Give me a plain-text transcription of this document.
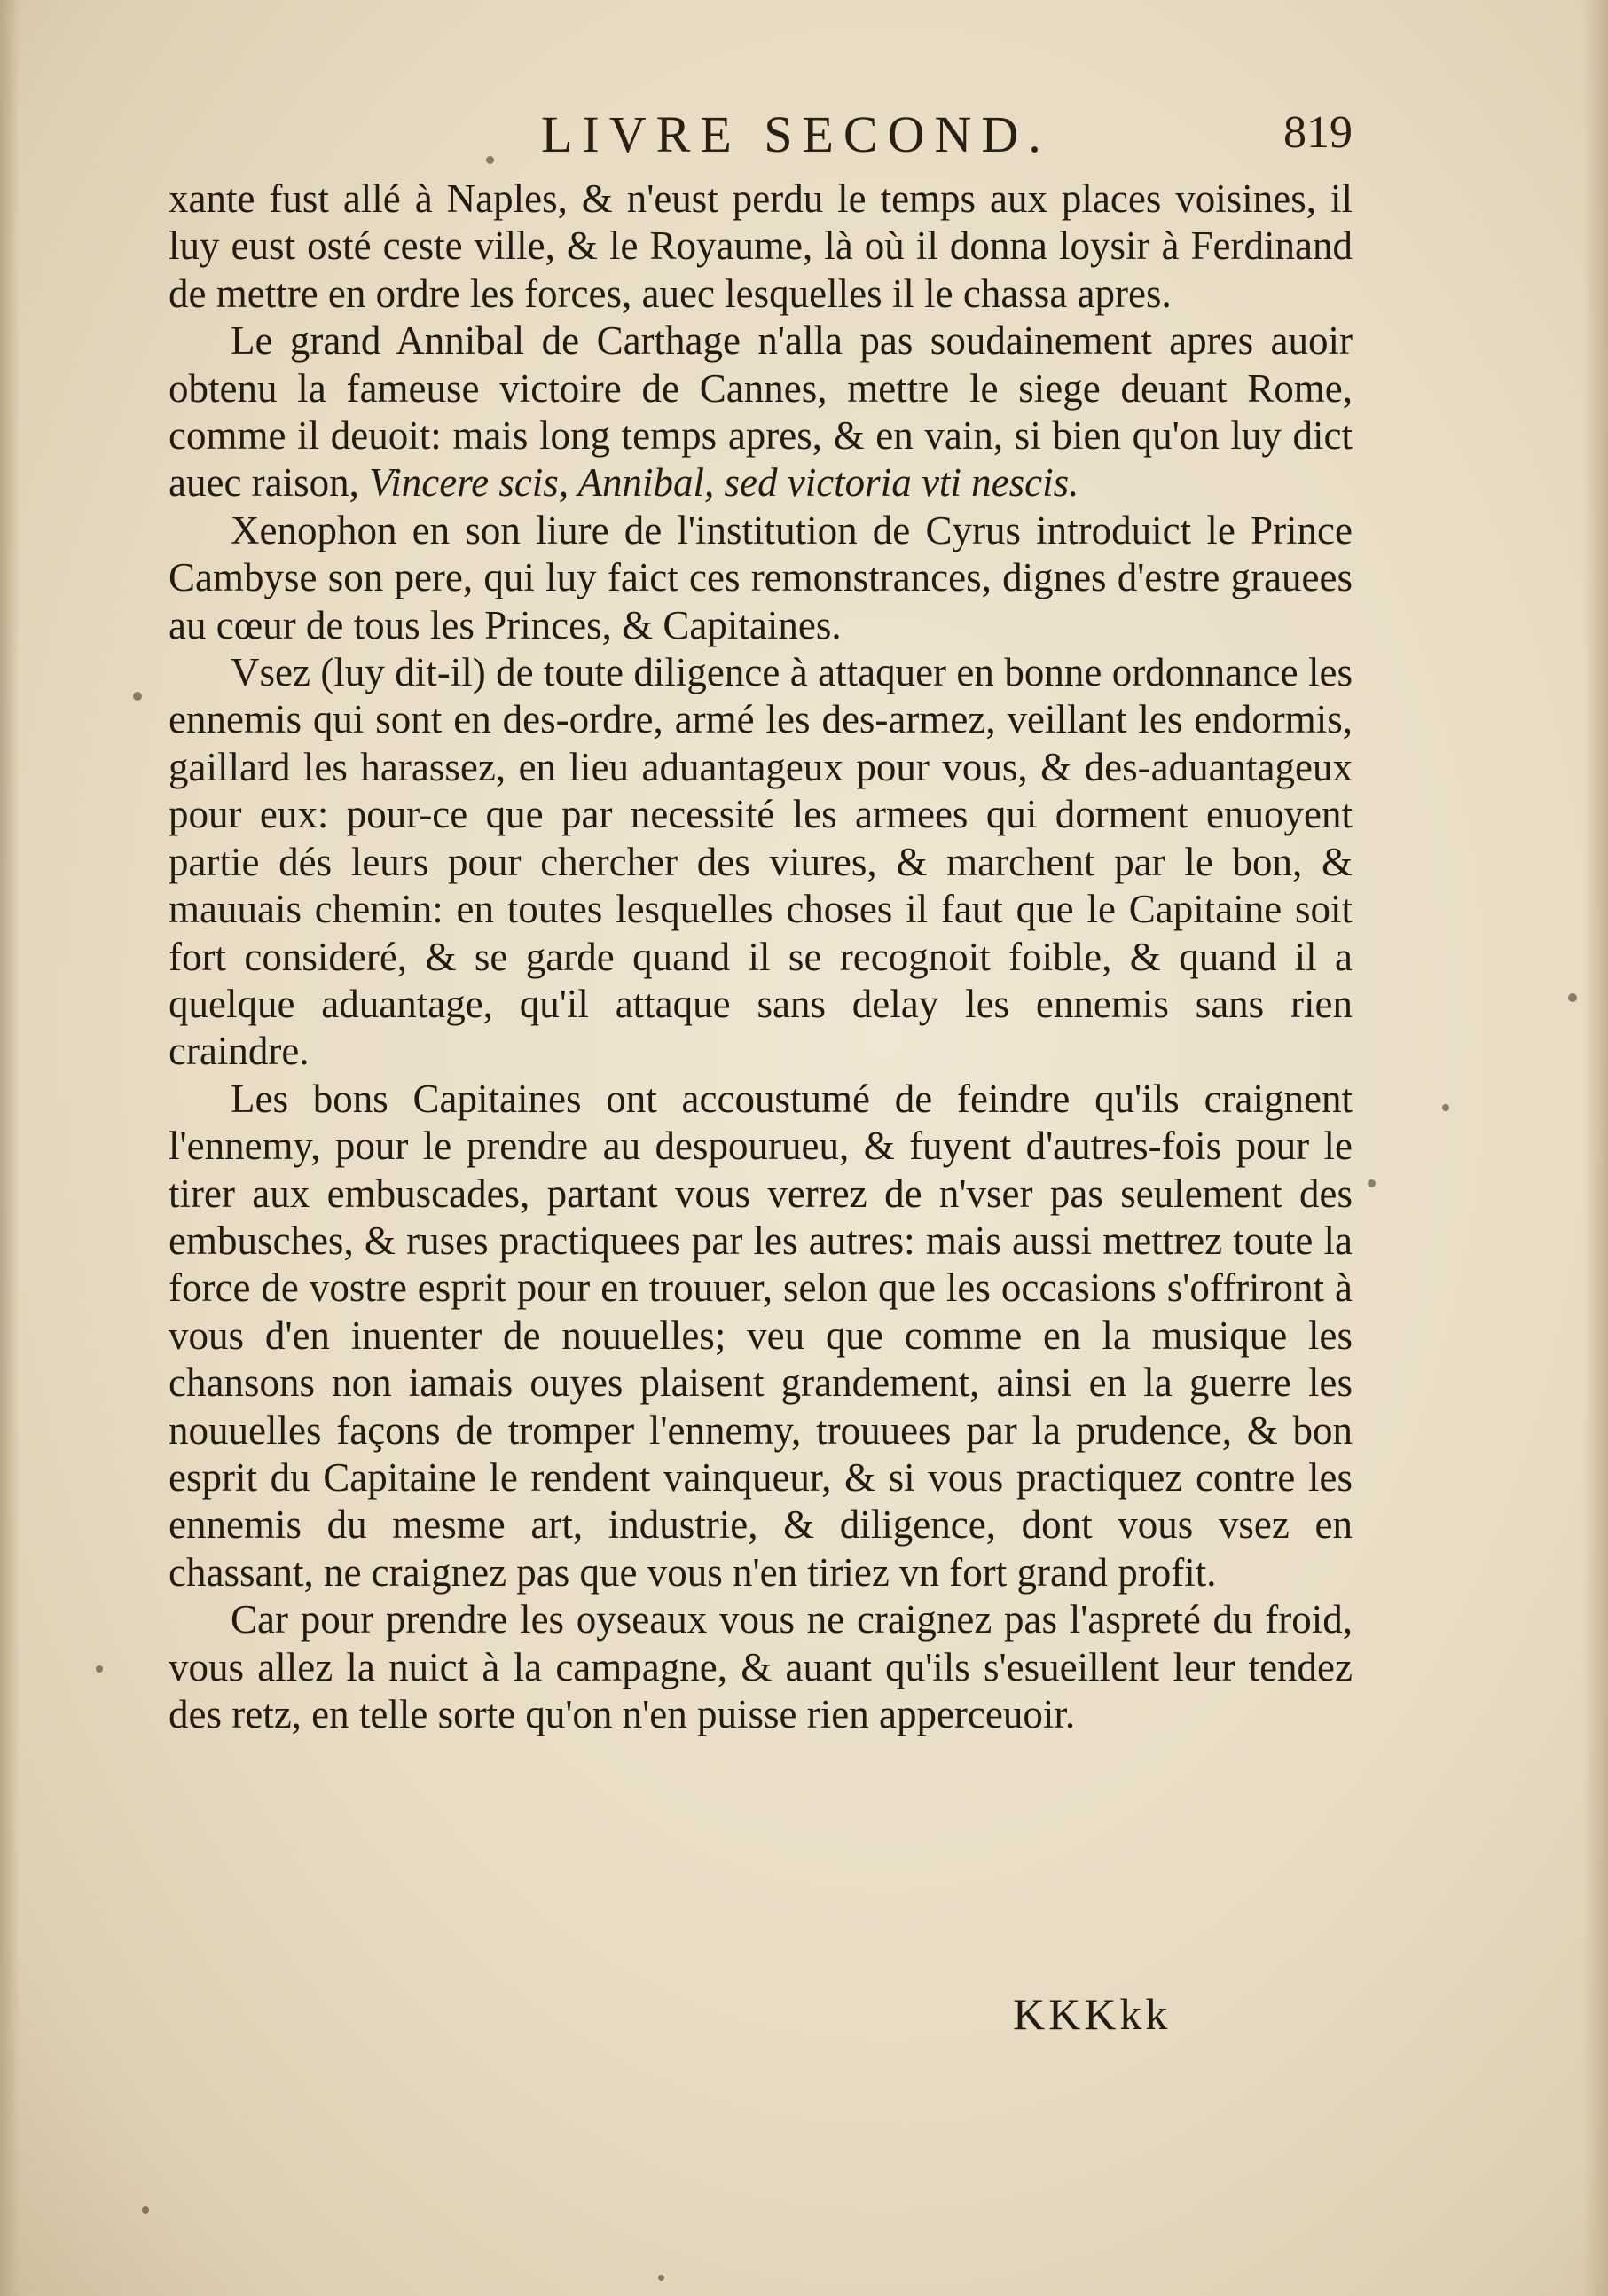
LIVRE SECOND.	819

xante fust allé à Naples, & n'eust perdu le temps aux places voisines, il luy eust osté ceste ville, & le Royaume, là où il donna loysir à Ferdinand de mettre en ordre les forces, auec lesquelles il le chassa apres.

Le grand Annibal de Carthage n'alla pas soudainement apres auoir obtenu la fameuse victoire de Cannes, mettre le siege deuant Rome, comme il deuoit: mais long temps apres, & en vain, si bien qu'on luy dict auec raison, Vincere scis, Annibal, sed victoria vti nescis.

Xenophon en son liure de l'institution de Cyrus introduict le Prince Cambyse son pere, qui luy faict ces remonstrances, dignes d'estre grauees au cœur de tous les Princes, & Capitaines.

Vsez (luy dit-il) de toute diligence à attaquer en bonne ordonnance les ennemis qui sont en des-ordre, armé les des-armez, veillant les endormis, gaillard les harassez, en lieu aduantageux pour vous, & des-aduantageux pour eux: pour-ce que par necessité les armees qui dorment enuoyent partie dés leurs pour chercher des viures, & marchent par le bon, & mauuais chemin: en toutes lesquelles choses il faut que le Capitaine soit fort consideré, & se garde quand il se recognoit foible, & quand il a quelque aduantage, qu'il attaque sans delay les ennemis sans rien craindre.

Les bons Capitaines ont accoustumé de feindre qu'ils craignent l'ennemy, pour le prendre au despourueu, & fuyent d'autres-fois pour le tirer aux embuscades, partant vous verrez de n'vser pas seulement des embusches, & ruses practiquees par les autres: mais aussi mettrez toute la force de vostre esprit pour en trouuer, selon que les occasions s'offriront à vous d'en inuenter de nouuelles; veu que comme en la musique les chansons non iamais ouyes plaisent grandement, ainsi en la guerre les nouuelles façons de tromper l'ennemy, trouuees par la prudence, & bon esprit du Capitaine le rendent vainqueur, & si vous practiquez contre les ennemis du mesme art, industrie, & diligence, dont vous vsez en chassant, ne craignez pas que vous n'en tiriez vn fort grand profit.

Car pour prendre les oyseaux vous ne craignez pas l'aspreté du froid, vous allez la nuict à la campagne, & auant qu'ils s'esueillent leur tendez des retz, en telle sorte qu'on n'en puisse rien apperceuoir.

KKKkk
